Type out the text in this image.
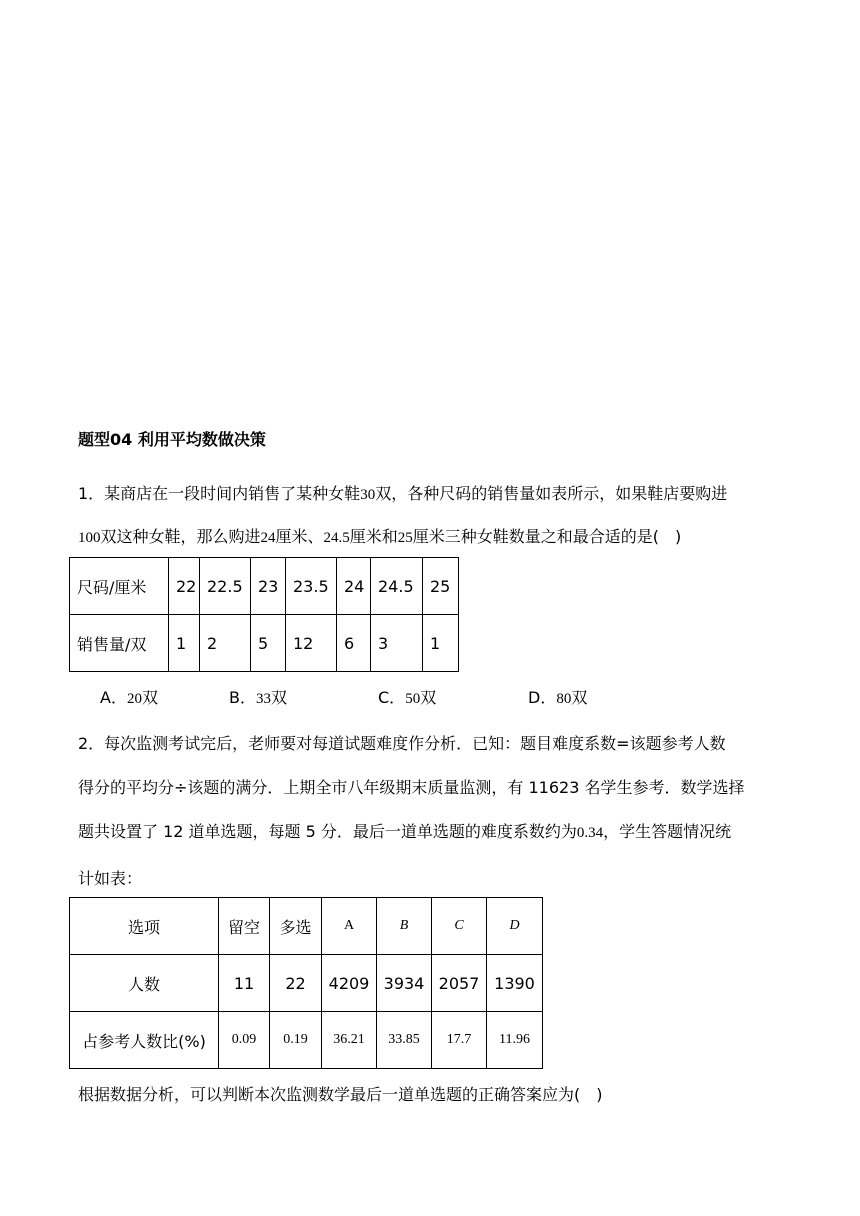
题型04 利用平均数做决策
1．某商店在一段时间内销售了某种女鞋30双，各种尺码的销售量如表所示，如果鞋店要购进
100双这种女鞋，那么购进24厘米、24.5厘米和25厘米三种女鞋数量之和最合适的是(　)
尺码/厘米	22	22.5	23	23.5	24	24.5	25
销售量/双	1	2	5	12	6	3	1
A．20双	B．33双	C．50双	D．80双
2．每次监测考试完后，老师要对每道试题难度作分析．已知：题目难度系数=该题参考人数
得分的平均分÷该题的满分．上期全市八年级期末质量监测，有 11623 名学生参考．数学选择
题共设置了 12 道单选题，每题 5 分．最后一道单选题的难度系数约为0.34，学生答题情况统
计如表：
选项	留空	多选	A	B	C	D
人数	11	22	4209	3934	2057	1390
占参考人数比(%)	0.09	0.19	36.21	33.85	17.7	11.96
根据数据分析，可以判断本次监测数学最后一道单选题的正确答案应为(　)
